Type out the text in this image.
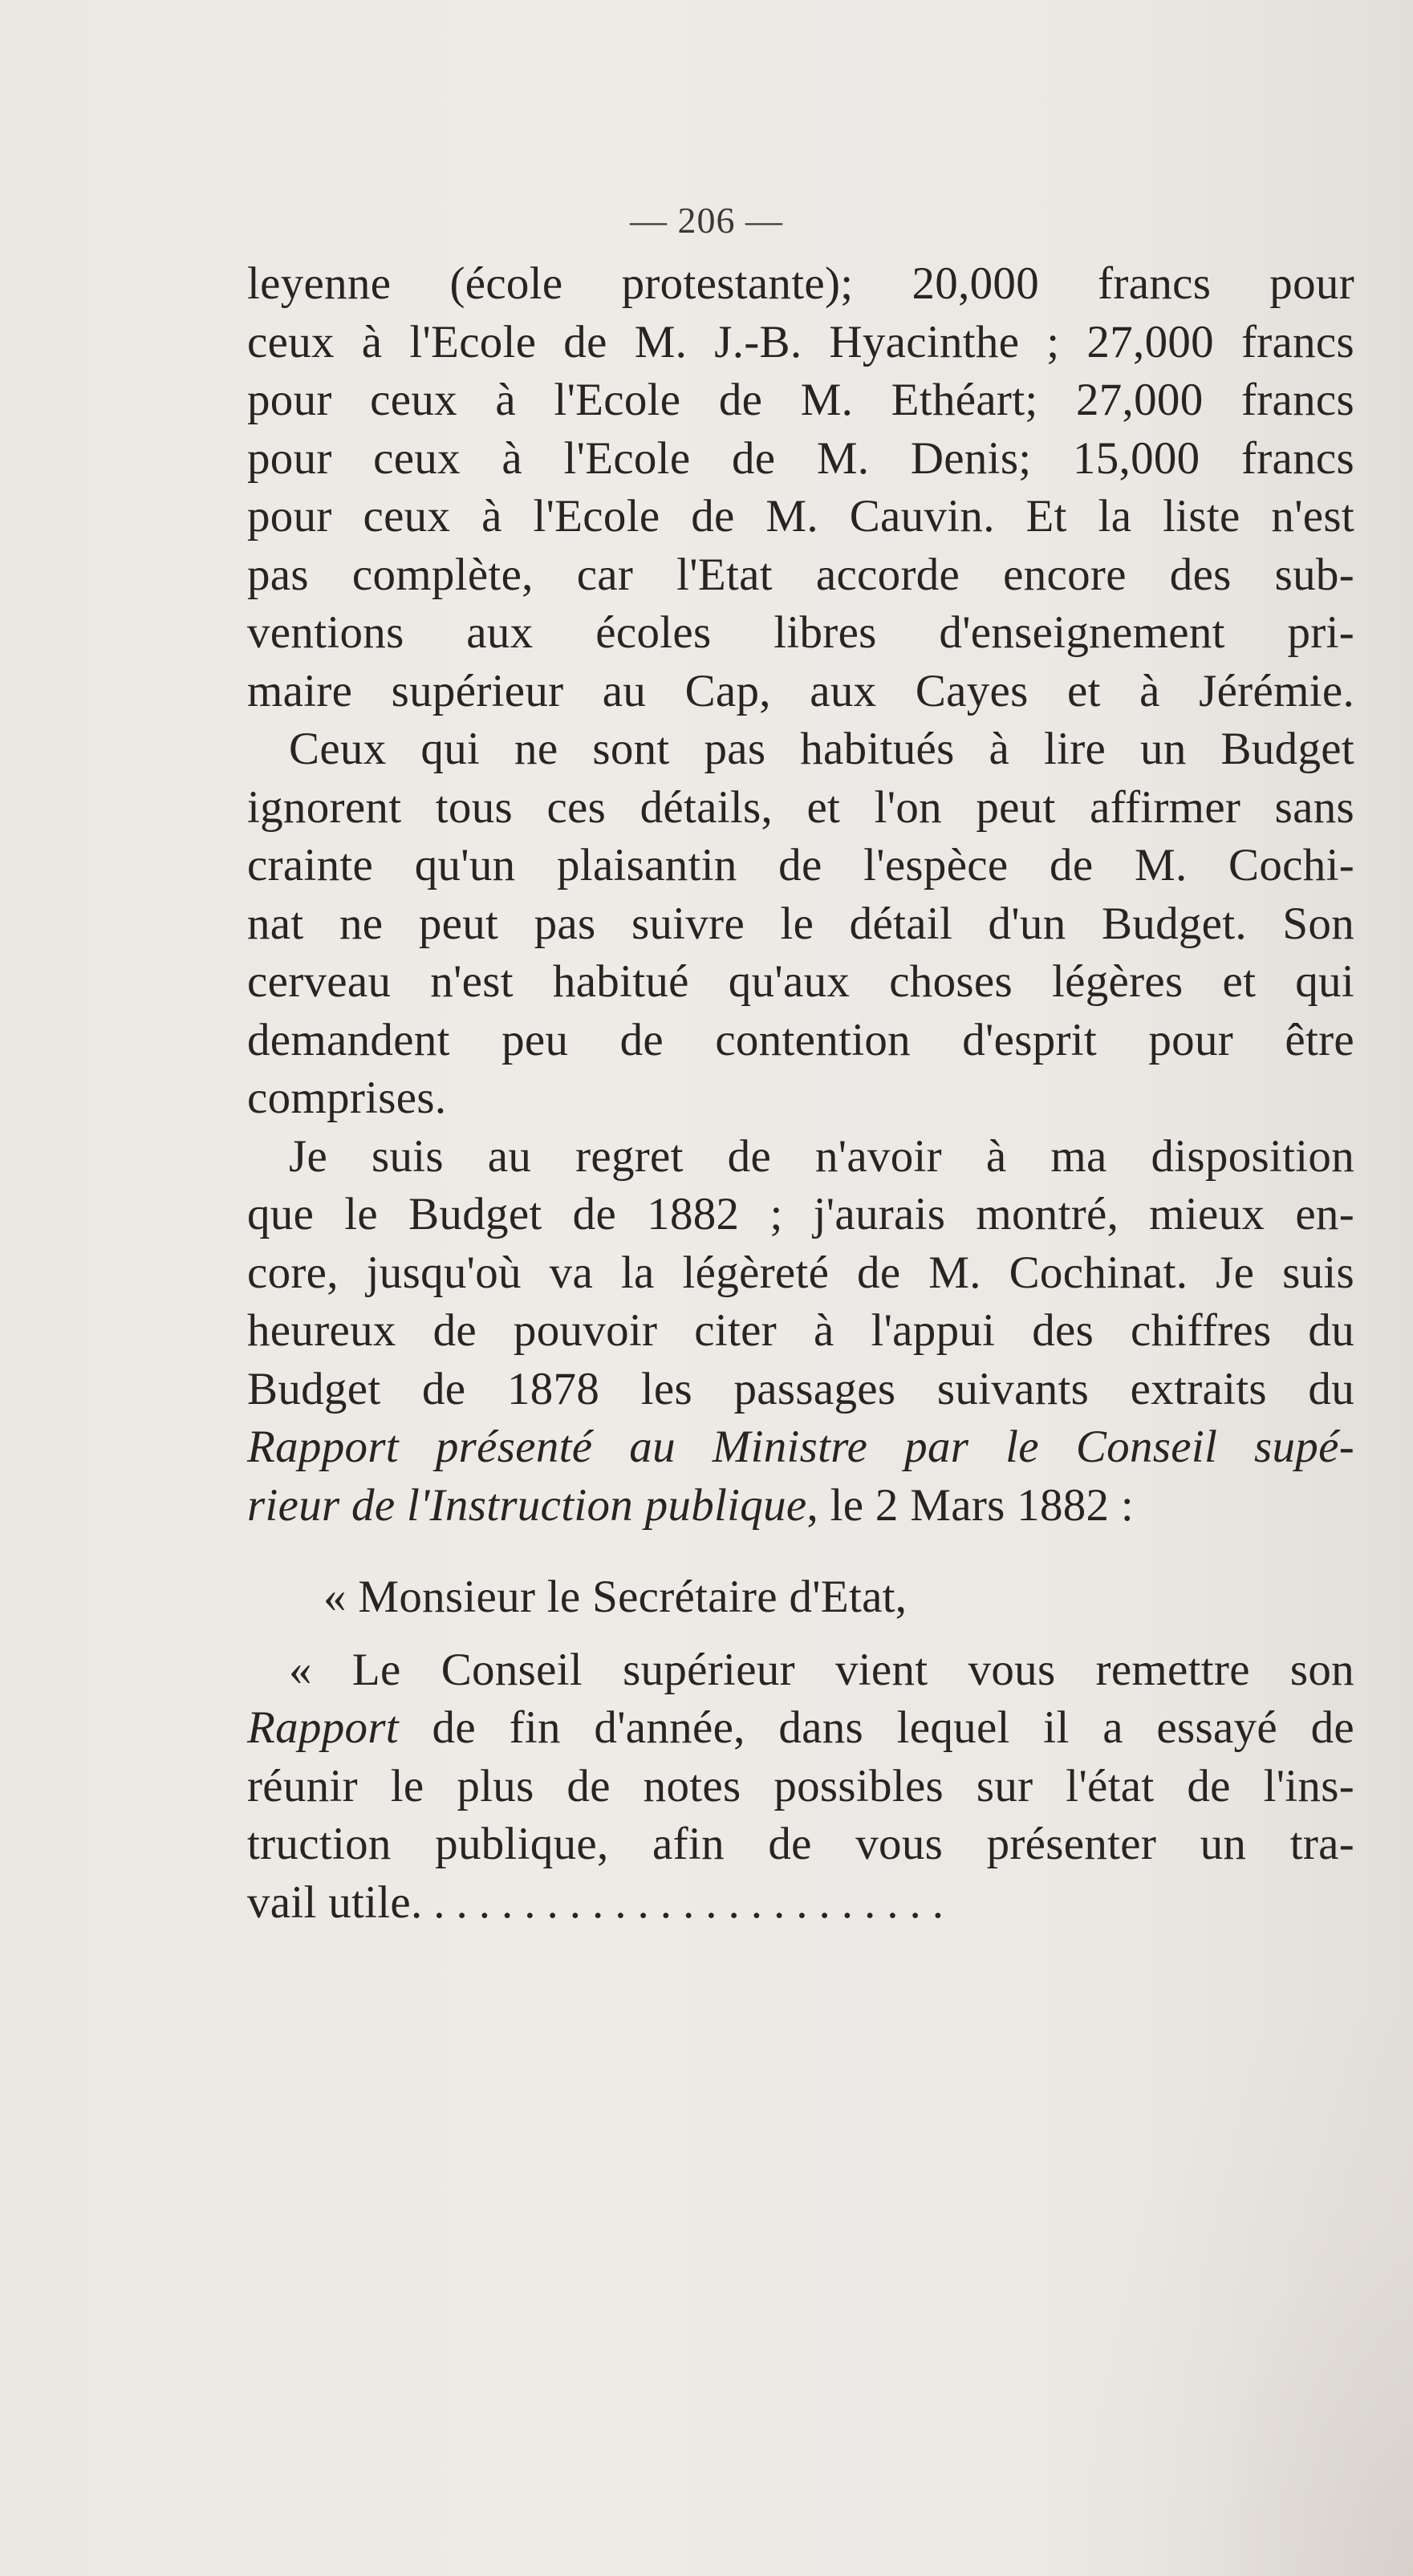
— 206 —
leyenne (école protestante); 20,000 francs pour
ceux à l'Ecole de M. J.-B. Hyacinthe ; 27,000 francs
pour ceux à l'Ecole de M. Ethéart; 27,000 francs
pour ceux à l'Ecole de M. Denis; 15,000 francs
pour ceux à l'Ecole de M. Cauvin. Et la liste n'est
pas complète, car l'Etat accorde encore des sub-
ventions aux écoles libres d'enseignement pri-
maire supérieur au Cap, aux Cayes et à Jérémie.
Ceux qui ne sont pas habitués à lire un Budget
ignorent tous ces détails, et l'on peut affirmer sans
crainte qu'un plaisantin de l'espèce de M. Cochi-
nat ne peut pas suivre le détail d'un Budget. Son
cerveau n'est habitué qu'aux choses légères et qui
demandent peu de contention d'esprit pour être
comprises.
Je suis au regret de n'avoir à ma disposition
que le Budget de 1882 ; j'aurais montré, mieux en-
core, jusqu'où va la légèreté de M. Cochinat. Je suis
heureux de pouvoir citer à l'appui des chiffres du
Budget de 1878 les passages suivants extraits du
Rapport présenté au Ministre par le Conseil supé-
rieur de l'Instruction publique, le 2 Mars 1882 :
« Monsieur le Secrétaire d'Etat,
« Le Conseil supérieur vient vous remettre son
Rapport de fin d'année, dans lequel il a essayé de
réunir le plus de notes possibles sur l'état de l'ins-
truction publique, afin de vous présenter un tra-
vail utile........................
